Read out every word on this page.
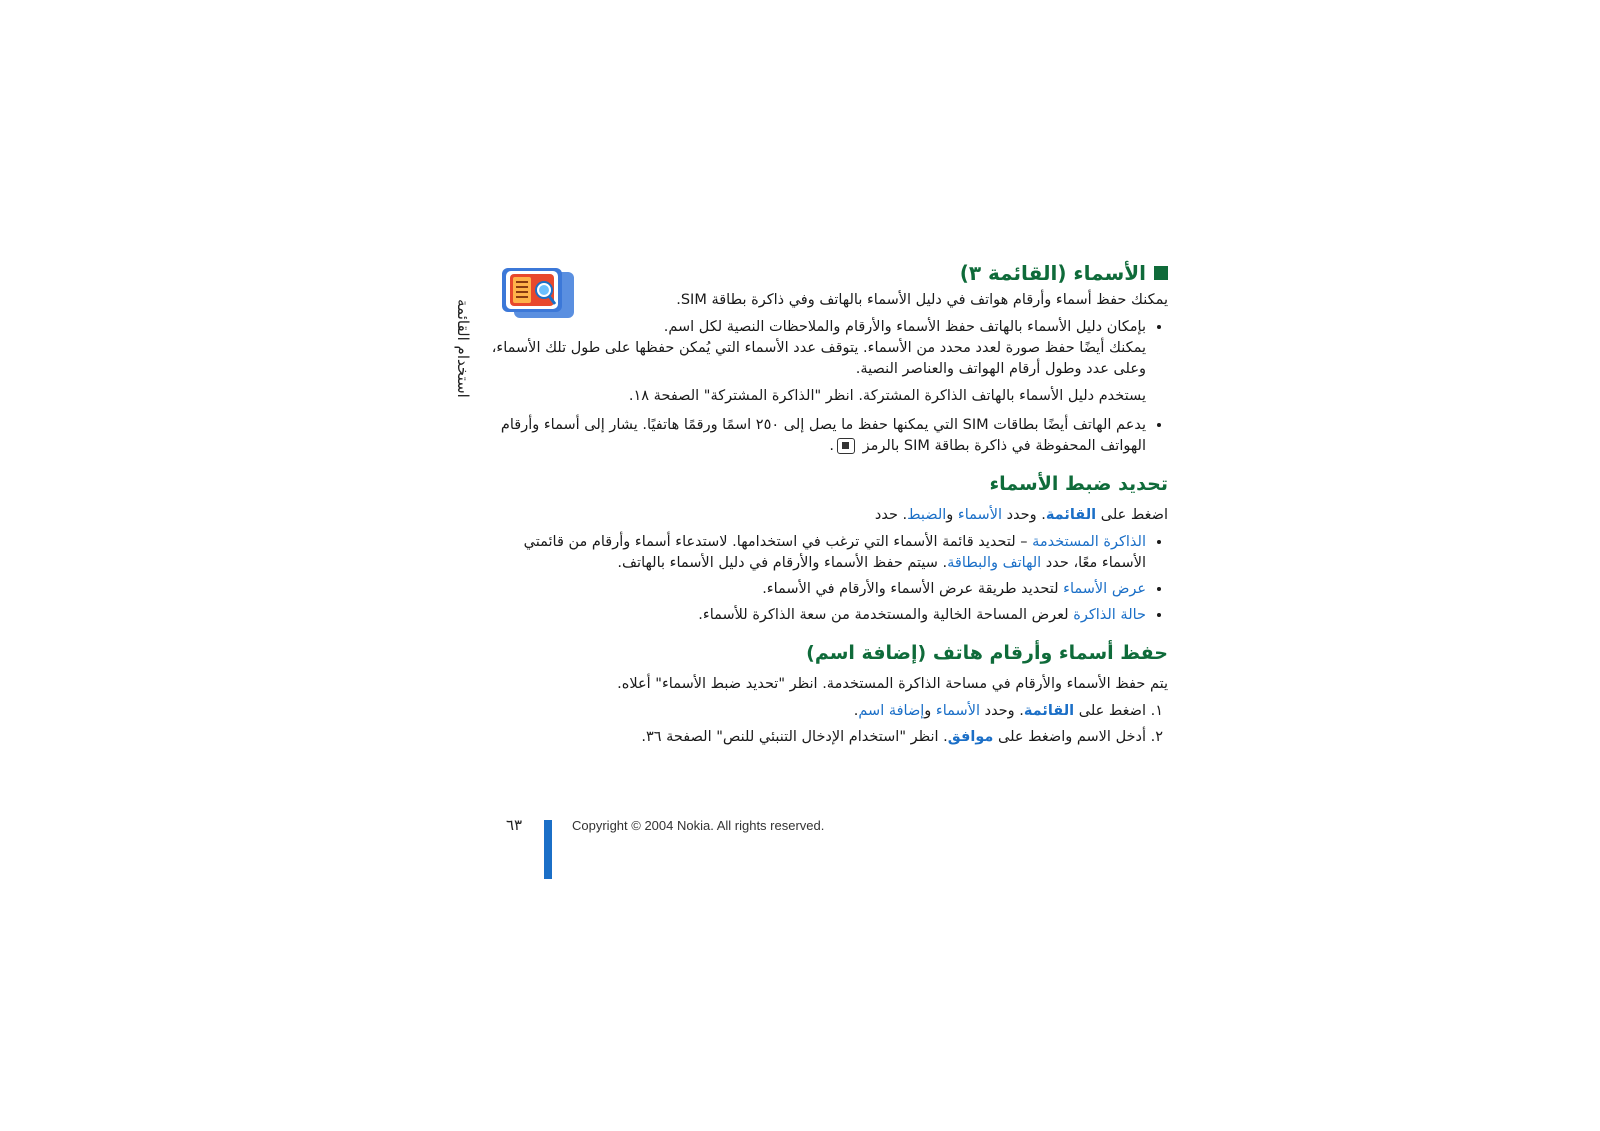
استخدام القائمة
الأسماء (القائمة ٣)

يمكنك حفظ أسماء وأرقام هواتف في دليل الأسماء بالهاتف وفي ذاكرة بطاقة SIM.

• بإمكان دليل الأسماء بالهاتف حفظ الأسماء والأرقام والملاحظات النصية لكل اسم.
يمكنك أيضًا حفظ صورة لعدد محدد من الأسماء. يتوقف عدد الأسماء التي يُمكن حفظها على طول تلك الأسماء، وعلى عدد وطول أرقام الهواتف والعناصر النصية.

يستخدم دليل الأسماء بالهاتف الذاكرة المشتركة. انظر "الذاكرة المشتركة" الصفحة ١٨.

• يدعم الهاتف أيضًا بطاقات SIM التي يمكنها حفظ ما يصل إلى ٢٥٠ اسمًا ورقمًا هاتفيًا. يشار إلى أسماء وأرقام الهواتف المحفوظة في ذاكرة بطاقة SIM بالرمز .
تحديد ضبط الأسماء

اضغط على القائمة. وحدد الأسماء والضبط. حدد

• الذاكرة المستخدمة – لتحديد قائمة الأسماء التي ترغب في استخدامها. لاستدعاء أسماء وأرقام من قائمتي الأسماء معًا، حدد الهاتف والبطاقة. سيتم حفظ الأسماء والأرقام في دليل الأسماء بالهاتف.
• عرض الأسماء لتحديد طريقة عرض الأسماء والأرقام في الأسماء.
• حالة الذاكرة لعرض المساحة الخالية والمستخدمة من سعة الذاكرة للأسماء.
حفظ أسماء وأرقام هاتف (إضافة اسم)

يتم حفظ الأسماء والأرقام في مساحة الذاكرة المستخدمة. انظر "تحديد ضبط الأسماء" أعلاه.

1. اضغط على القائمة. وحدد الأسماء وإضافة اسم.
2. أدخل الاسم واضغط على موافق. انظر "استخدام الإدخال التنبئي للنص" الصفحة ٣٦.
٦٣	Copyright © 2004 Nokia. All rights reserved.
